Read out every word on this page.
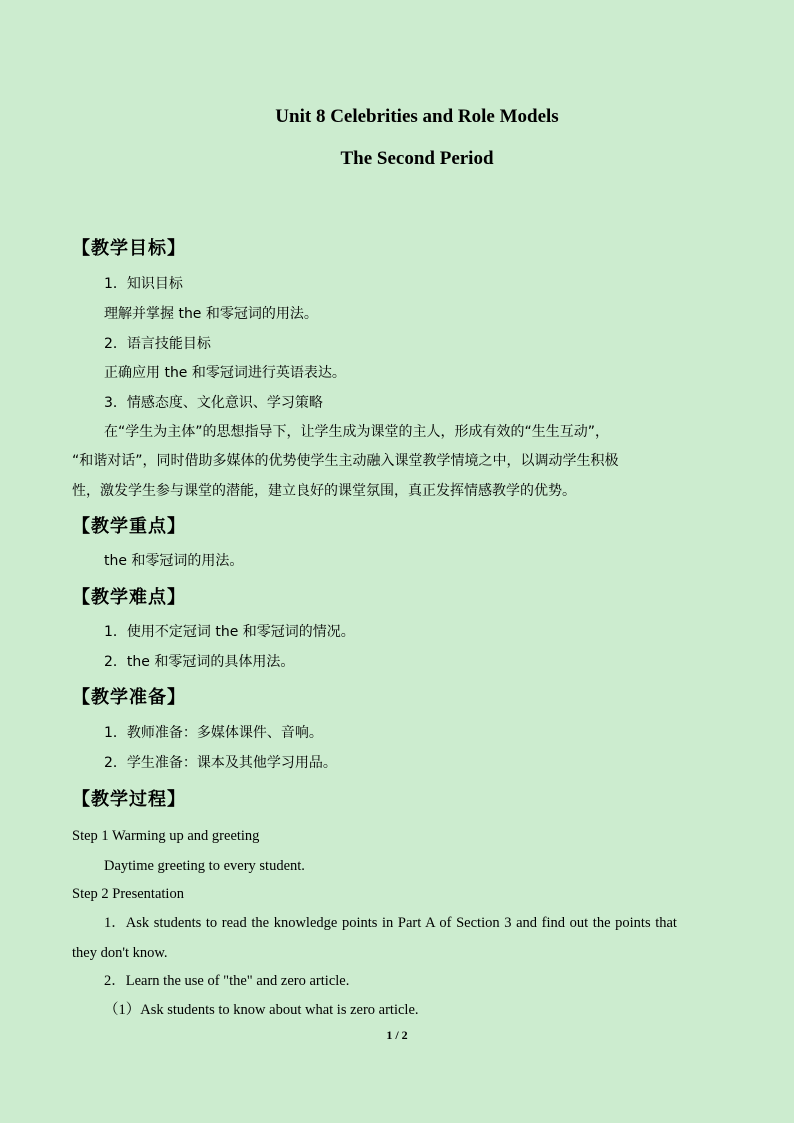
Unit 8 Celebrities and Role Models
The Second Period
【教学目标】
1．知识目标
理解并掌握 the 和零冠词的用法。
2．语言技能目标
正确应用 the 和零冠词进行英语表达。
3．情感态度、文化意识、学习策略
在“学生为主体”的思想指导下，让学生成为课堂的主人，形成有效的“生生互动”，
“和谐对话”，同时借助多媒体的优势使学生主动融入课堂教学情境之中，以调动学生积极
性，激发学生参与课堂的潜能，建立良好的课堂氛围，真正发挥情感教学的优势。
【教学重点】
the 和零冠词的用法。
【教学难点】
1．使用不定冠词 the 和零冠词的情况。
2．the 和零冠词的具体用法。
【教学准备】
1．教师准备：多媒体课件、音响。
2．学生准备：课本及其他学习用品。
【教学过程】
Step 1 Warming up and greeting
Daytime greeting to every student.
Step 2 Presentation
1．Ask students to read the knowledge points in Part A of Section 3 and find out the points that
they don't know.
2．Learn the use of "the" and zero article.
（1）Ask students to know about what is zero article.
1 / 2
